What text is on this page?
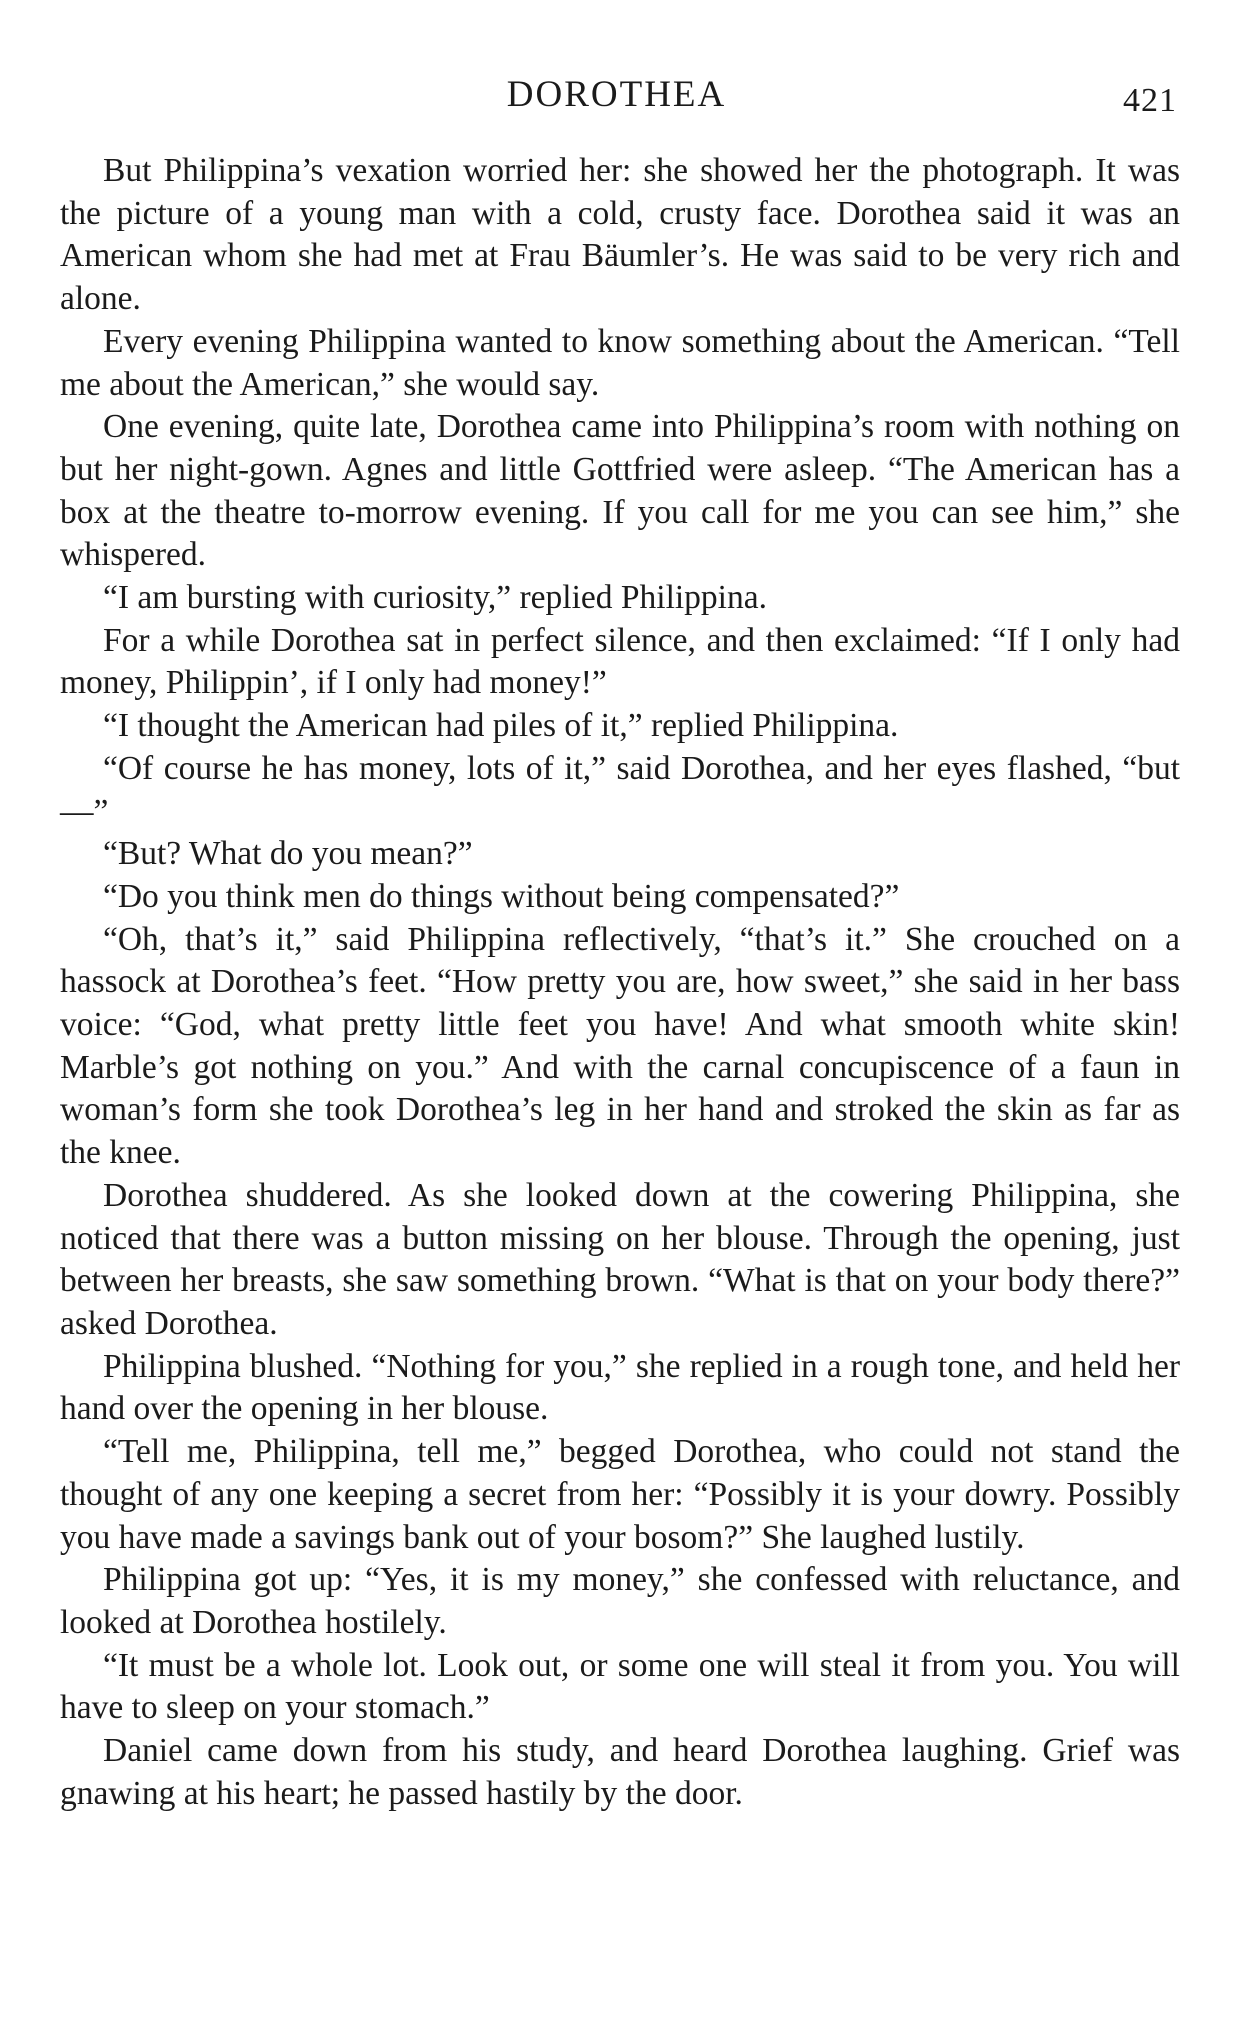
DOROTHEA	421

But Philippina’s vexation worried her: she showed her the photograph. It was the picture of a young man with a cold, crusty face. Dorothea said it was an American whom she had met at Frau Bäumler’s. He was said to be very rich and alone.

Every evening Philippina wanted to know something about the American. “Tell me about the American,” she would say.

One evening, quite late, Dorothea came into Philippina’s room with nothing on but her night-gown. Agnes and little Gottfried were asleep. “The American has a box at the theatre to-morrow evening. If you call for me you can see him,” she whispered.

“I am bursting with curiosity,” replied Philippina.

For a while Dorothea sat in perfect silence, and then exclaimed: “If I only had money, Philippin’, if I only had money!”

“I thought the American had piles of it,” replied Philippina.

“Of course he has money, lots of it,” said Dorothea, and her eyes flashed, “but—”

“But? What do you mean?”

“Do you think men do things without being compensated?”

“Oh, that’s it,” said Philippina reflectively, “that’s it.” She crouched on a hassock at Dorothea’s feet. “How pretty you are, how sweet,” she said in her bass voice: “God, what pretty little feet you have! And what smooth white skin! Marble’s got nothing on you.” And with the carnal concupiscence of a faun in woman’s form she took Dorothea’s leg in her hand and stroked the skin as far as the knee.

Dorothea shuddered. As she looked down at the cowering Philippina, she noticed that there was a button missing on her blouse. Through the opening, just between her breasts, she saw something brown. “What is that on your body there?” asked Dorothea.

Philippina blushed. “Nothing for you,” she replied in a rough tone, and held her hand over the opening in her blouse.

“Tell me, Philippina, tell me,” begged Dorothea, who could not stand the thought of any one keeping a secret from her: “Possibly it is your dowry. Possibly you have made a savings bank out of your bosom?” She laughed lustily.

Philippina got up: “Yes, it is my money,” she confessed with reluctance, and looked at Dorothea hostilely.

“It must be a whole lot. Look out, or some one will steal it from you. You will have to sleep on your stomach.”

Daniel came down from his study, and heard Dorothea laughing. Grief was gnawing at his heart; he passed hastily by the door.
